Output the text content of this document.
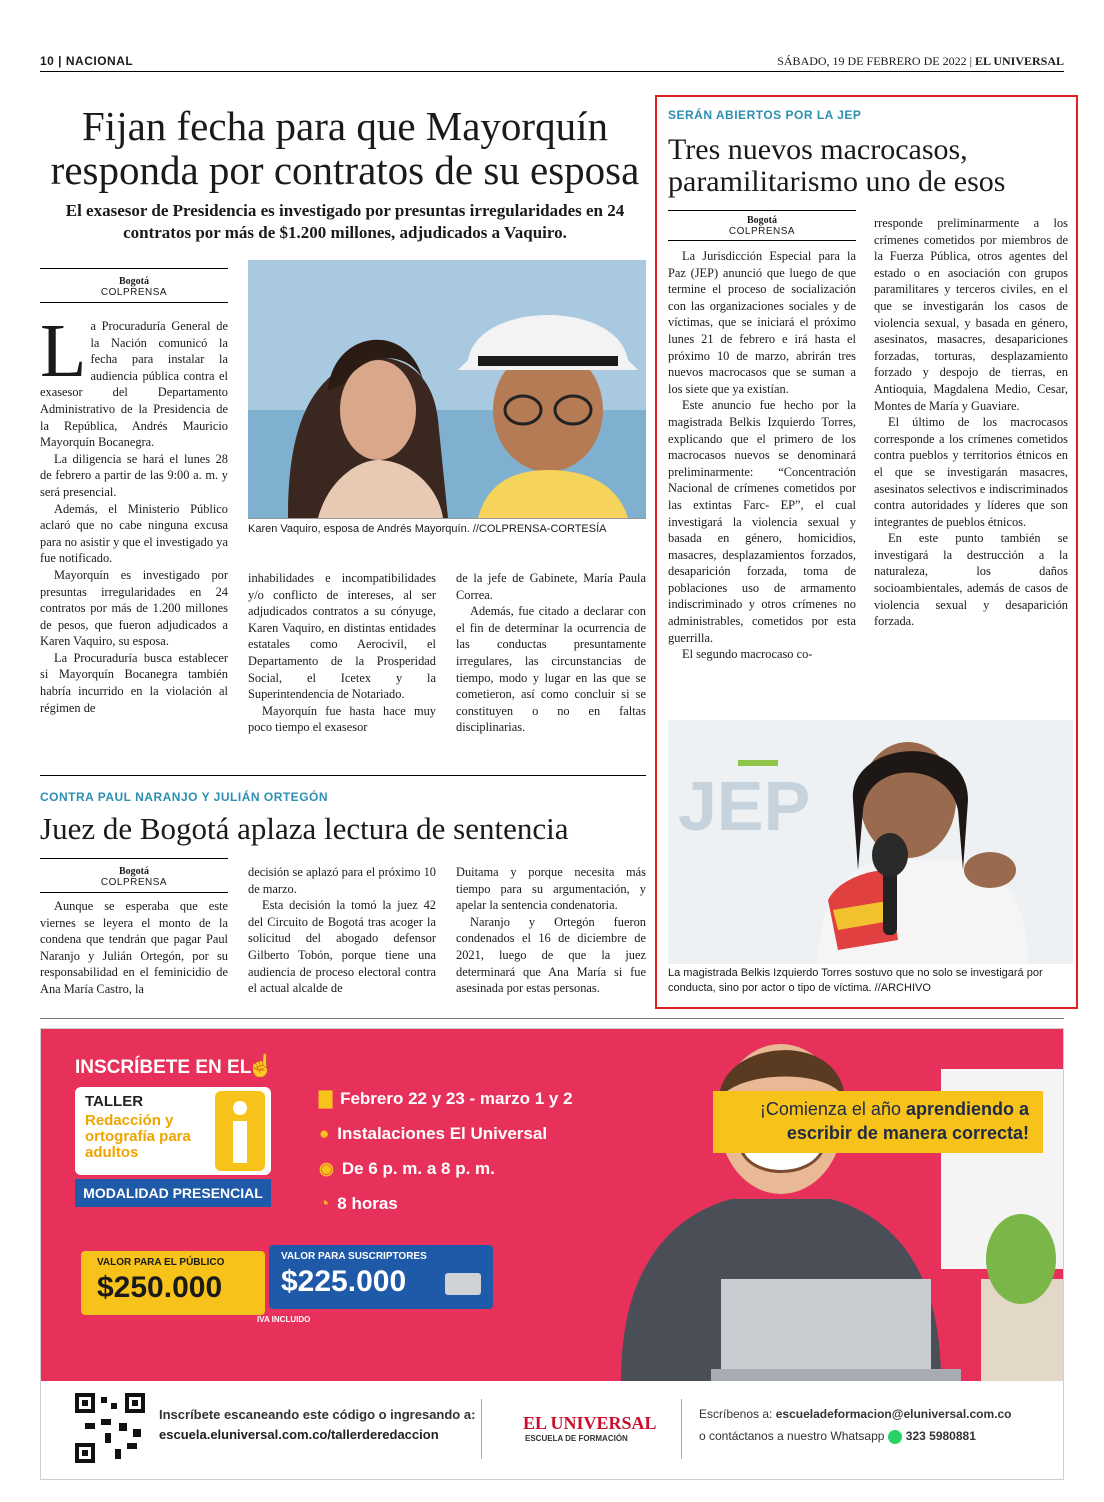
10 | NACIONAL	SÁBADO, 19 DE FEBRERO DE 2022 | EL UNIVERSAL
Fijan fecha para que Mayorquín responda por contratos de su esposa
El exasesor de Presidencia es investigado por presuntas irregularidades en 24 contratos por más de $1.200 millones, adjudicados a Vaquiro.
Bogotá
COLPRENSA

La Procuraduría General de la Nación comunicó la fecha para instalar la audiencia pública contra el exasesor del Departamento Administrativo de la Presidencia de la República, Andrés Mauricio Mayorquín Bocanegra.

La diligencia se hará el lunes 28 de febrero a partir de las 9:00 a. m. y será presencial.

Además, el Ministerio Público aclaró que no cabe ninguna excusa para no asistir y que el investigado ya fue notificado.

Mayorquín es investigado por presuntas irregularidades en 24 contratos por más de 1.200 millones de pesos, que fueron adjudicados a Karen Vaquiro, su esposa.

La Procuraduría busca establecer si Mayorquín Bocanegra también habría incurrido en la violación al régimen de

Karen Vaquiro, esposa de Andrés Mayorquín. //COLPRENSA-CORTESÍA

inhabilidades e incompatibilidades y/o conflicto de intereses, al ser adjudicados contratos a su cónyuge, Karen Vaquiro, en distintas entidades estatales como Aerocivil, el Departamento de la Prosperidad Social, el Icetex y la Superintendencia de Notariado.

Mayorquín fue hasta hace muy poco tiempo el exasesor

de la jefe de Gabinete, María Paula Correa.

Además, fue citado a declarar con el fin de determinar la ocurrencia de las conductas presuntamente irregulares, las circunstancias de tiempo, modo y lugar en las que se cometieron, así como concluir si se constituyen o no en faltas disciplinarias.

CONTRA PAUL NARANJO Y JULIÁN ORTEGÓN
Juez de Bogotá aplaza lectura de sentencia
Bogotá
COLPRENSA

Aunque se esperaba que este viernes se leyera el monto de la condena que tendrán que pagar Paul Naranjo y Julián Ortegón, por su responsabilidad en el feminicidio de Ana María Castro, la

decisión se aplazó para el próximo 10 de marzo.

Esta decisión la tomó la juez 42 del Circuito de Bogotá tras acoger la solicitud del abogado defensor Gilberto Tobón, porque tiene una audiencia de proceso electoral contra el actual alcalde de

Duitama y porque necesita más tiempo para su argumentación, y apelar la sentencia condenatoria.

Naranjo y Ortegón fueron condenados el 16 de diciembre de 2021, luego de que la juez determinará que Ana María si fue asesinada por estas personas.

SERÁN ABIERTOS POR LA JEP
Tres nuevos macrocasos, paramilitarismo uno de esos
Bogotá
COLPRENSA

La Jurisdicción Especial para la Paz (JEP) anunció que luego de que termine el proceso de socialización con las organizaciones sociales y de víctimas, que se iniciará el próximo lunes 21 de febrero e irá hasta el próximo 10 de marzo, abrirán tres nuevos macrocasos que se suman a los siete que ya existían.

Este anuncio fue hecho por la magistrada Belkis Izquierdo Torres, explicando que el primero de los macrocasos nuevos se denominará preliminarmente: “Concentración Nacional de crímenes cometidos por las extintas Farc- EP”, el cual investigará la violencia sexual y basada en género, homicidios, masacres, desplazamientos forzados, desaparición forzada, toma de poblaciones uso de armamento indiscriminado y otros crímenes no administrables, cometidos por esta guerrilla.

El segundo macrocaso co-

rresponde preliminarmente a los crímenes cometidos por miembros de la Fuerza Pública, otros agentes del estado o en asociación con grupos paramilitares y terceros civiles, en el que se investigarán los casos de violencia sexual, y basada en género, asesinatos, masacres, desapariciones forzadas, torturas, desplazamiento forzado y despojo de tierras, en Antioquia, Magdalena Medio, Cesar, Montes de María y Guaviare.

El último de los macrocasos corresponde a los crímenes cometidos contra pueblos y territorios étnicos en el que se investigarán masacres, asesinatos selectivos e indiscriminados contra autoridades y líderes que son integrantes de pueblos étnicos.

En este punto también se investigará la destrucción a la naturaleza, los daños socioambientales, además de casos de violencia sexual y desaparición forzada.

JEP
La magistrada Belkis Izquierdo Torres sostuvo que no solo se investigará por conducta, sino por actor o tipo de víctima. //ARCHIVO
INSCRÍBETE EN EL
☝
TALLER
Redacción y ortografía para adultos
MODALIDAD PRESENCIAL
▇ Febrero 22 y 23 - marzo 1 y 2
● Instalaciones El Universal
◉ De 6 p. m. a 8 p. m.
◔ 8 horas
¡Comienza el año aprendiendo a
escribir de manera correcta!
VALOR PARA EL PÚBLICO
$250.000
VALOR PARA SUSCRIPTORES
$225.000
IVA INCLUIDO
Inscríbete escaneando este código o ingresando a:
escuela.eluniversal.com.co/tallerderedaccion
EL UNIVERSAL
ESCUELA DE FORMACIÓN
Escríbenos a: escueladeformacion@eluniversal.com.co
o contáctanos a nuestro Whatsapp 323 5980881
